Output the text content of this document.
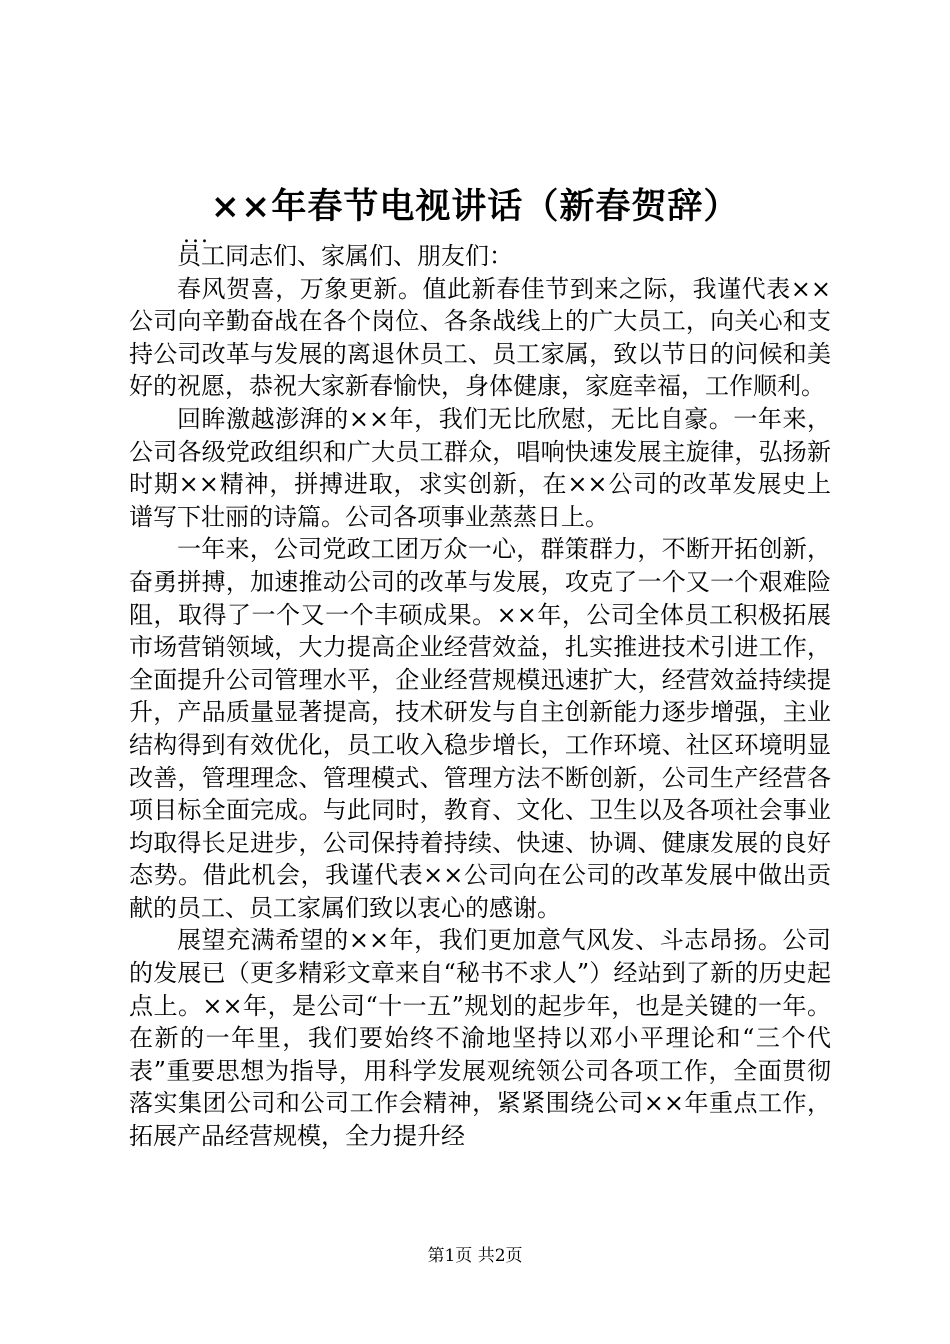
××年春节电视讲话（新春贺辞）
...

员工同志们、家属们、朋友们：

春风贺喜，万象更新。值此新春佳节到来之际，我谨代表××公司向辛勤奋战在各个岗位、各条战线上的广大员工，向关心和支持公司改革与发展的离退休员工、员工家属，致以节日的问候和美好的祝愿，恭祝大家新春愉快，身体健康，家庭幸福，工作顺利。

回眸激越澎湃的××年，我们无比欣慰，无比自豪。一年来，公司各级党政组织和广大员工群众，唱响快速发展主旋律，弘扬新时期××精神，拼搏进取，求实创新，在××公司的改革发展史上谱写下壮丽的诗篇。公司各项事业蒸蒸日上。

一年来，公司党政工团万众一心，群策群力，不断开拓创新，奋勇拼搏，加速推动公司的改革与发展，攻克了一个又一个艰难险阻，取得了一个又一个丰硕成果。××年，公司全体员工积极拓展市场营销领域，大力提高企业经营效益，扎实推进技术引进工作，全面提升公司管理水平，企业经营规模迅速扩大，经营效益持续提升，产品质量显著提高，技术研发与自主创新能力逐步增强，主业结构得到有效优化，员工收入稳步增长，工作环境、社区环境明显改善，管理理念、管理模式、管理方法不断创新，公司生产经营各项目标全面完成。与此同时，教育、文化、卫生以及各项社会事业均取得长足进步，公司保持着持续、快速、协调、健康发展的良好态势。借此机会，我谨代表××公司向在公司的改革发展中做出贡献的员工、员工家属们致以衷心的感谢。

展望充满希望的××年，我们更加意气风发、斗志昂扬。公司的发展已（更多精彩文章来自“秘书不求人”）经站到了新的历史起点上。××年，是公司“十一五”规划的起步年，也是关键的一年。在新的一年里，我们要始终不渝地坚持以邓小平理论和“三个代表”重要思想为指导，用科学发展观统领公司各项工作，全面贯彻落实集团公司和公司工作会精神，紧紧围绕公司××年重点工作，拓展产品经营规模，全力提升经

第1页 共2页
